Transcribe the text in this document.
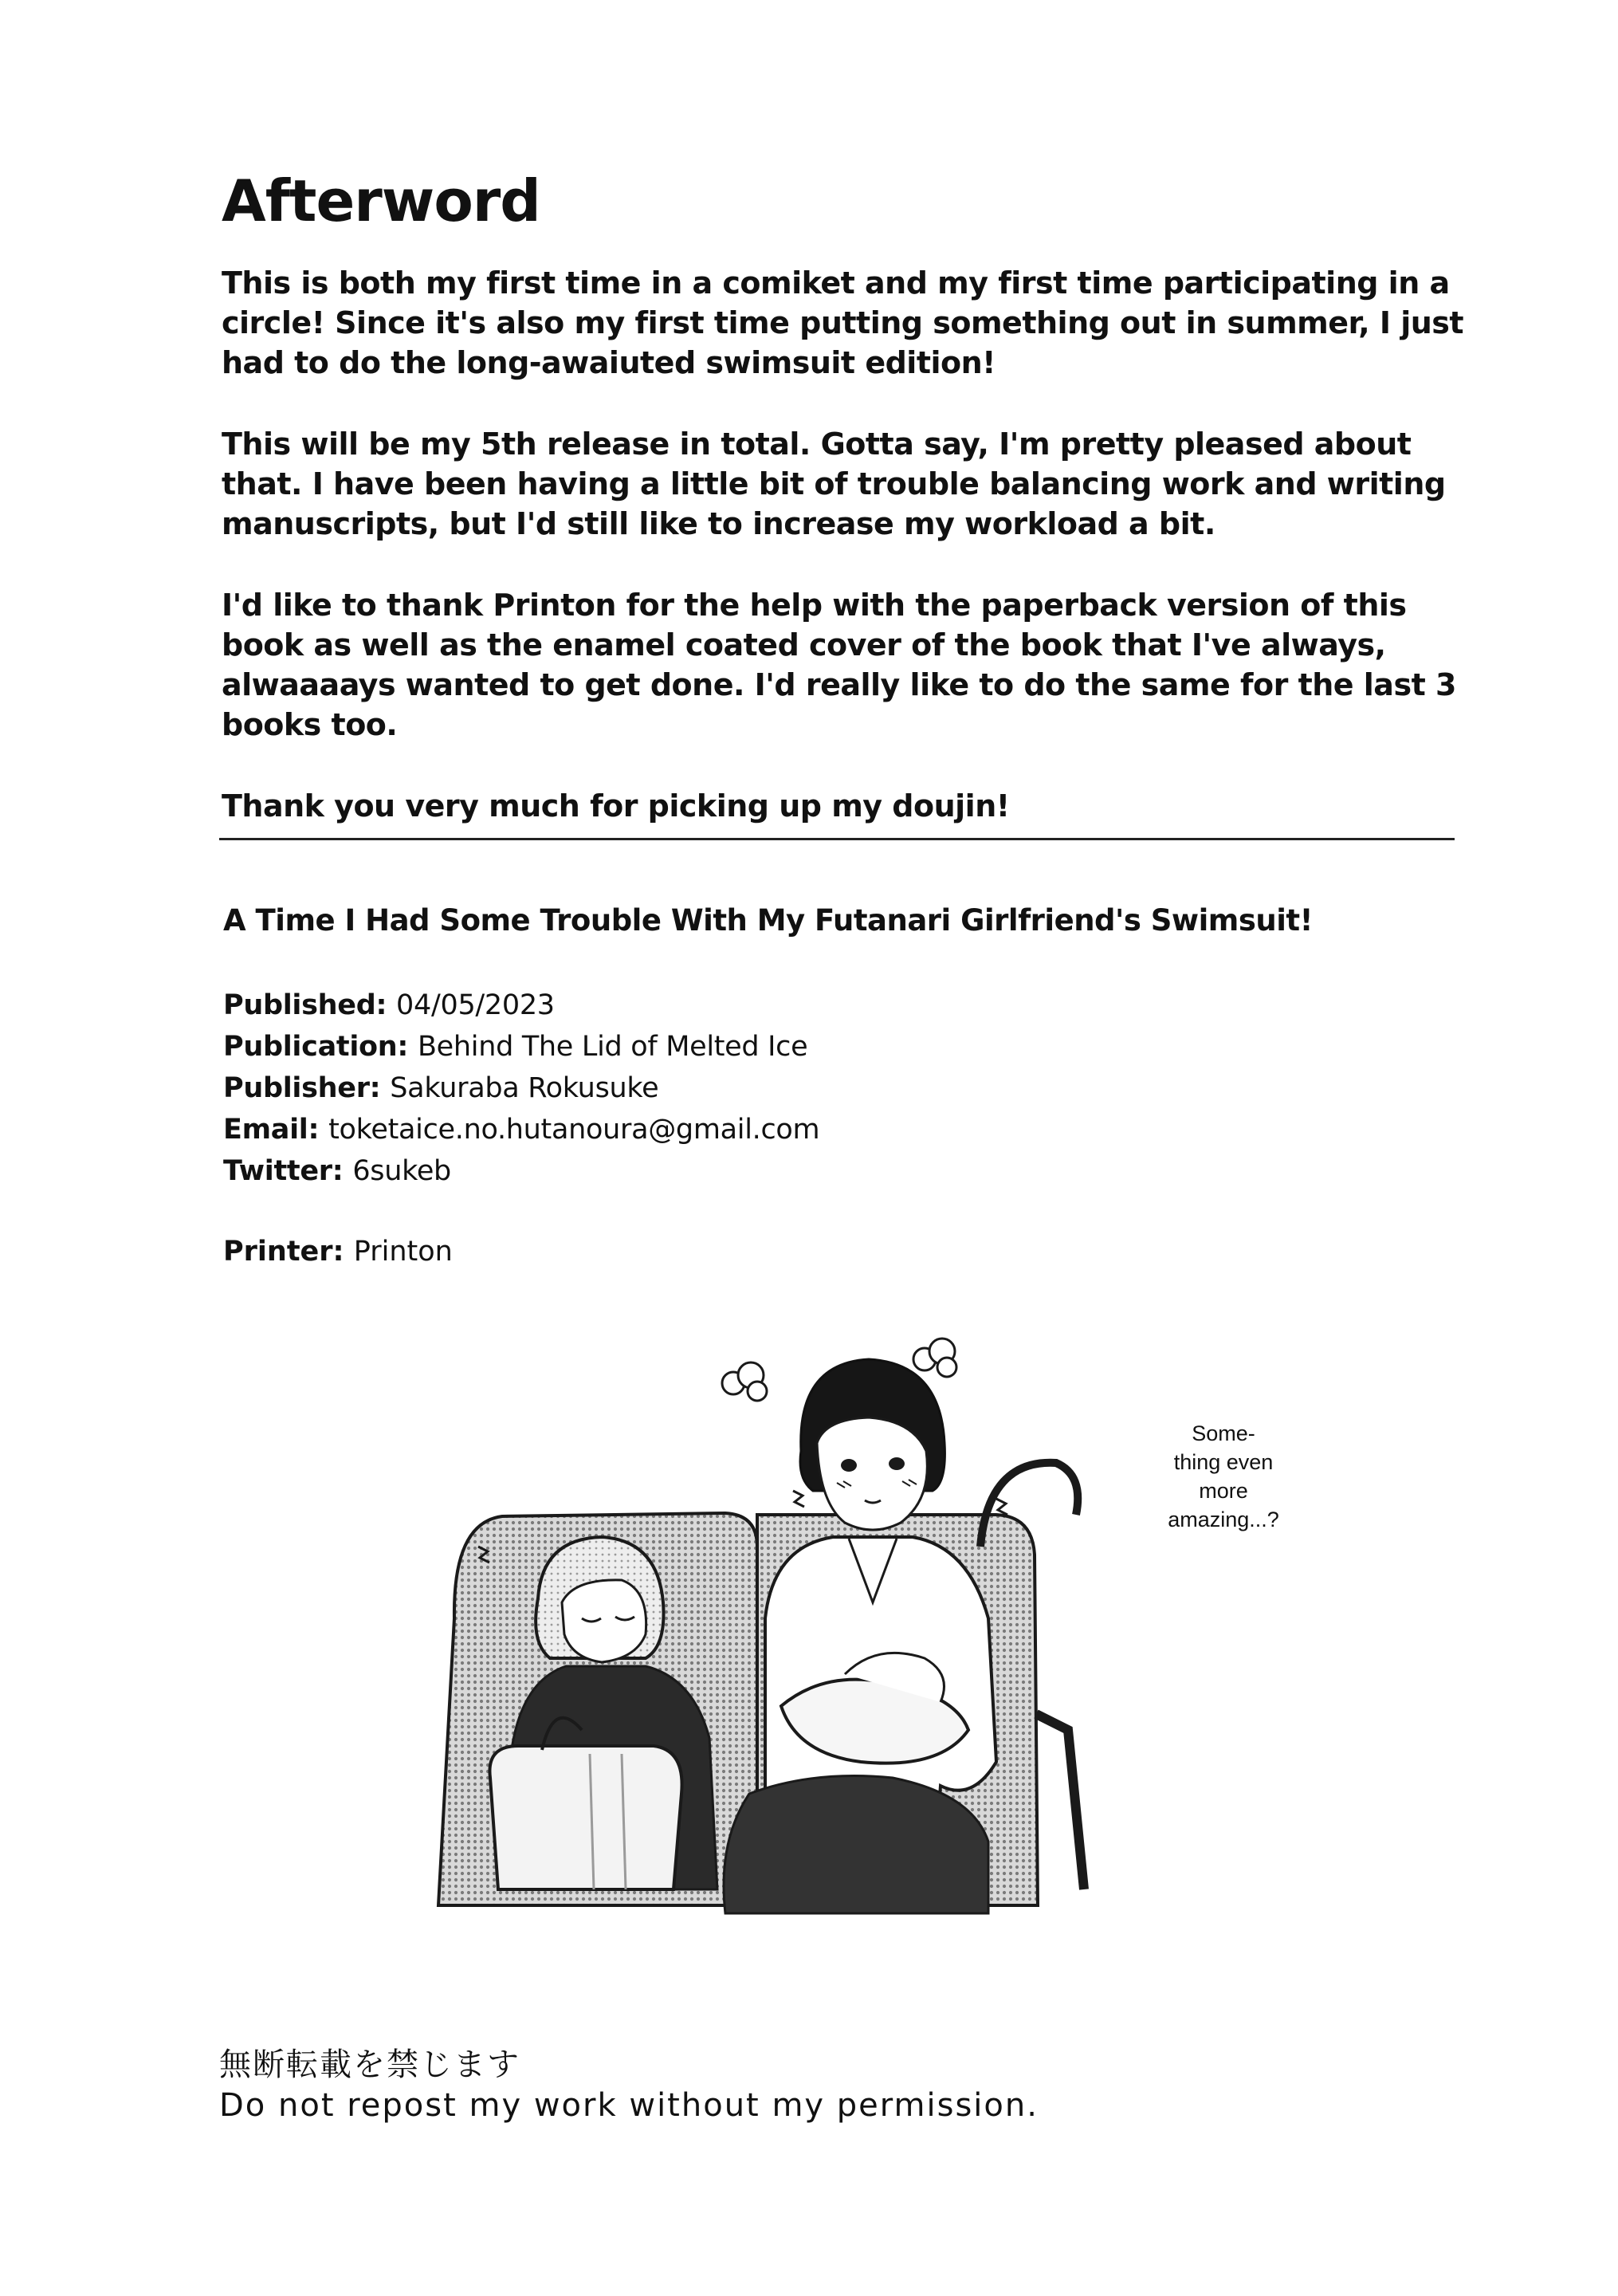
Afterword

This is both my first time in a comiket and my first time participating in a circle! Since it's also my first time putting something out in summer, I just had to do the long-awaiuted swimsuit edition!

This will be my 5th release in total. Gotta say, I'm pretty pleased about that. I have been having a little bit of trouble balancing work and writing manuscripts, but I'd still like to increase my workload a bit.

I'd like to thank Printon for the help with the paperback version of this book as well as the enamel coated cover of the book that I've always, alwaaaays wanted to get done. I'd really like to do the same for the last 3 books too.

Thank you very much for picking up my doujin!

A Time I Had Some Trouble With My Futanari Girlfriend's Swimsuit!

Published: 04/05/2023
Publication: Behind The Lid of Melted Ice
Publisher: Sakuraba Rokusuke
Email: toketaice.no.hutanoura@gmail.com
Twitter: 6sukeb
Printer: Printon
Some-
thing even
more
amazing...?

無断転載を禁じます

Do not repost my work without my permission.
